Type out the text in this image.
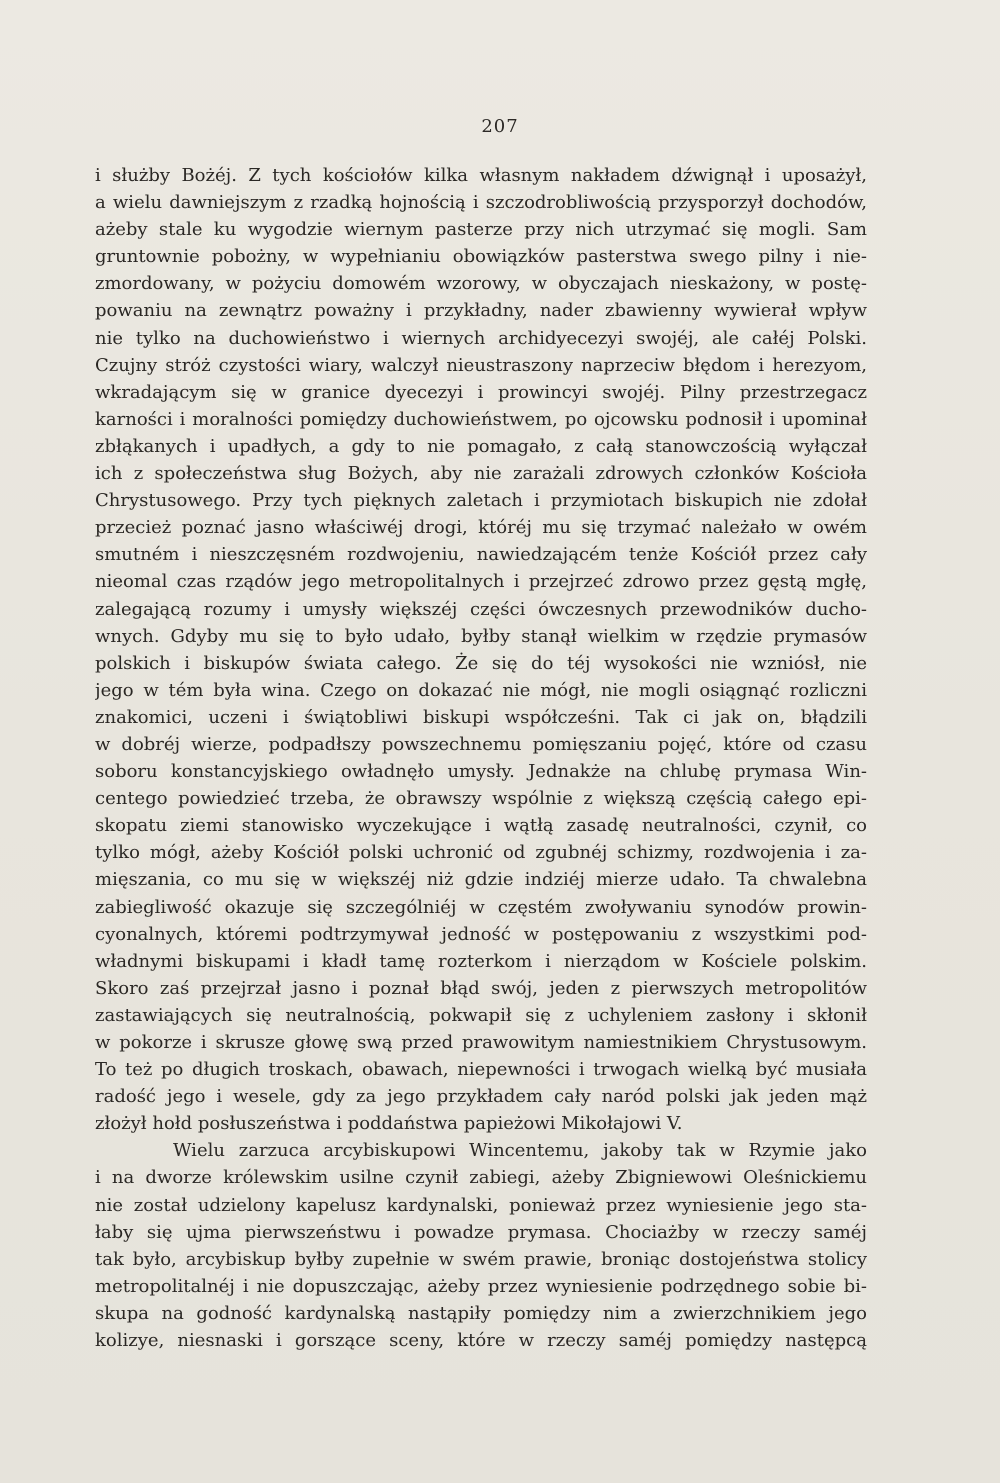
207
i służby Bożéj. Z tych kościołów kilka własnym nakładem dźwignął i uposażył,
a wielu dawniejszym z rzadką hojnością i szczodrobliwością przysporzył dochodów,
ażeby stale ku wygodzie wiernym pasterze przy nich utrzymać się mogli. Sam
gruntownie pobożny, w wypełnianiu obowiązków pasterstwa swego pilny i nie-
zmordowany, w pożyciu domowém wzorowy, w obyczajach nieskażony, w postę-
powaniu na zewnątrz poważny i przykładny, nader zbawienny wywierał wpływ
nie tylko na duchowieństwo i wiernych archidyecezyi swojéj, ale całéj Polski.
Czujny stróż czystości wiary, walczył nieustraszony naprzeciw błędom i herezyom,
wkradającym się w granice dyecezyi i prowincyi swojéj. Pilny przestrzegacz
karności i moralności pomiędzy duchowieństwem, po ojcowsku podnosił i upominał
zbłąkanych i upadłych, a gdy to nie pomagało, z całą stanowczością wyłączał
ich z społeczeństwa sług Bożych, aby nie zarażali zdrowych członków Kościoła
Chrystusowego. Przy tych pięknych zaletach i przymiotach biskupich nie zdołał
przecież poznać jasno właściwéj drogi, któréj mu się trzymać należało w owém
smutném i nieszczęsném rozdwojeniu, nawiedzającém tenże Kościół przez cały
nieomal czas rządów jego metropolitalnych i przejrzeć zdrowo przez gęstą mgłę,
zalegającą rozumy i umysły większéj części ówczesnych przewodników ducho-
wnych. Gdyby mu się to było udało, byłby stanął wielkim w rzędzie prymasów
polskich i biskupów świata całego. Że się do téj wysokości nie wzniósł, nie
jego w tém była wina. Czego on dokazać nie mógł, nie mogli osiągnąć rozliczni
znakomici, uczeni i świątobliwi biskupi współcześni. Tak ci jak on, błądzili
w dobréj wierze, podpadłszy powszechnemu pomięszaniu pojęć, które od czasu
soboru konstancyjskiego owładnęło umysły. Jednakże na chlubę prymasa Win-
centego powiedzieć trzeba, że obrawszy wspólnie z większą częścią całego epi-
skopatu ziemi stanowisko wyczekujące i wątłą zasadę neutralności, czynił, co
tylko mógł, ażeby Kościół polski uchronić od zgubnéj schizmy, rozdwojenia i za-
mięszania, co mu się w większéj niż gdzie indziéj mierze udało. Ta chwalebna
zabiegliwość okazuje się szczególniéj w częstém zwoływaniu synodów prowin-
cyonalnych, któremi podtrzymywał jedność w postępowaniu z wszystkimi pod-
władnymi biskupami i kładł tamę rozterkom i nierządom w Kościele polskim.
Skoro zaś przejrzał jasno i poznał błąd swój, jeden z pierwszych metropolitów
zastawiających się neutralnością, pokwapił się z uchyleniem zasłony i skłonił
w pokorze i skrusze głowę swą przed prawowitym namiestnikiem Chrystusowym.
To też po długich troskach, obawach, niepewności i trwogach wielką być musiała
radość jego i wesele, gdy za jego przykładem cały naród polski jak jeden mąż
złożył hołd posłuszeństwa i poddaństwa papieżowi Mikołajowi V.
Wielu zarzuca arcybiskupowi Wincentemu, jakoby tak w Rzymie jako
i na dworze królewskim usilne czynił zabiegi, ażeby Zbigniewowi Oleśnickiemu
nie został udzielony kapelusz kardynalski, ponieważ przez wyniesienie jego sta-
łaby się ujma pierwszeństwu i powadze prymasa. Chociażby w rzeczy saméj
tak było, arcybiskup byłby zupełnie w swém prawie, broniąc dostojeństwa stolicy
metropolitalnéj i nie dopuszczając, ażeby przez wyniesienie podrzędnego sobie bi-
skupa na godność kardynalską nastąpiły pomiędzy nim a zwierzchnikiem jego
kolizye, niesnaski i gorszące sceny, które w rzeczy saméj pomiędzy następcą
